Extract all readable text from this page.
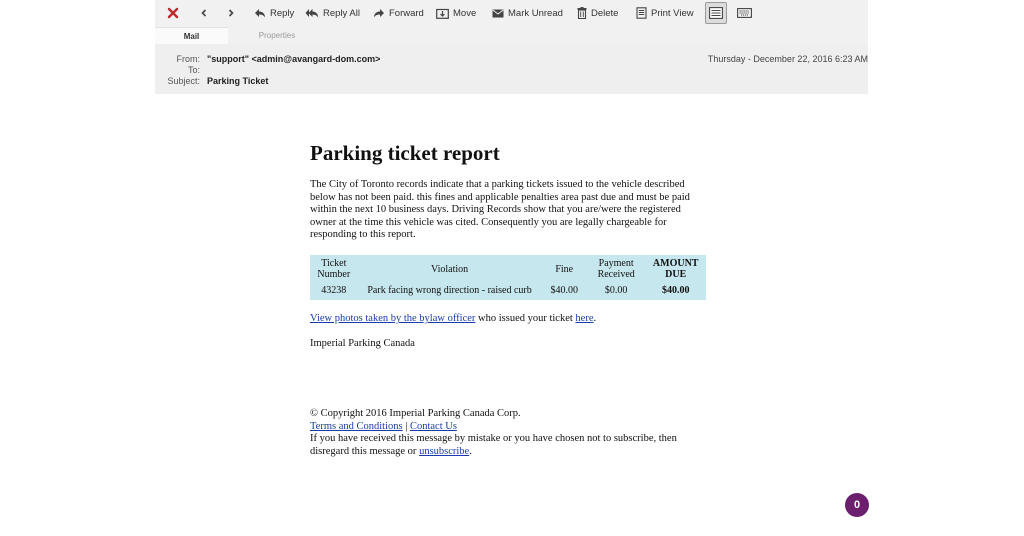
Reply	Reply All	Forward	Move	Mark Unread	Delete	Print View
Mail	Properties
From: "support" <admin@avangard-dom.com>
To:
Subject: Parking Ticket
Thursday - December 22, 2016 6:23 AM
Parking ticket report

The City of Toronto records indicate that a parking tickets issued to the vehicle described below has not been paid. this fines and applicable penalties area past due and must be paid within the next 10 business days. Driving Records show that you are/were the registered owner at the time this vehicle was cited. Consequently you are legally chargeable for responding to this report.

Ticket Number	Violation	Fine	Payment Received	AMOUNT DUE
43238	Park facing wrong direction - raised curb	$40.00	$0.00	$40.00

View photos taken by the bylaw officer who issued your ticket here.

Imperial Parking Canada

© Copyright 2016 Imperial Parking Canada Corp.
Terms and Conditions | Contact Us
If you have received this message by mistake or you have chosen not to subscribe, then disregard this message or unsubscribe.
0
